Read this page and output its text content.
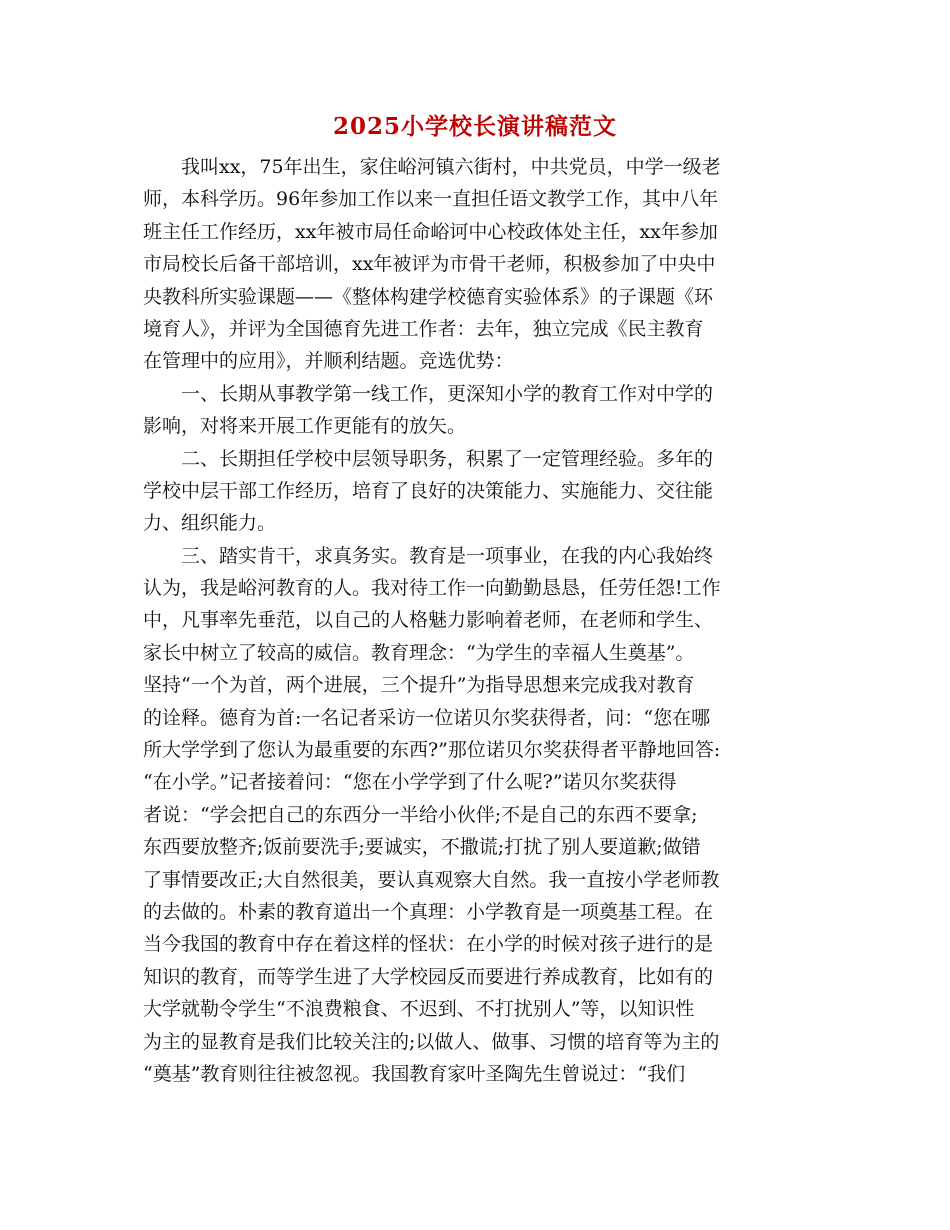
2025小学校长演讲稿范文
我叫xx，75年出生，家住峪河镇六街村，中共党员，中学一级老
师，本科学历。96年参加工作以来一直担任语文教学工作，其中八年
班主任工作经历，xx年被市局任命峪诃中心校政体处主任，xx年参加
市局校长后备干部培训，xx年被评为市骨干老师，积极参加了中央中
央教科所实验课题——《整体构建学校德育实验体系》的子课题《环
境育人》，并评为全国德育先进工作者：去年，独立完成《民主教育
在管理中的应用》，并顺利结题。竞选优势：
一、长期从事教学第一线工作，更深知小学的教育工作对中学的
影响，对将来开展工作更能有的放矢。
二、长期担任学校中层领导职务，积累了一定管理经验。多年的
学校中层干部工作经历，培育了良好的决策能力、实施能力、交往能
力、组织能力。
三、踏实肯干，求真务实。教育是一项事业，在我的内心我始终
认为，我是峪河教育的人。我对待工作一向勤勤恳恳，任劳任怨!工作
中，凡事率先垂范，以自己的人格魅力影响着老师，在老师和学生、
家长中树立了较高的威信。教育理念：“为学生的幸福人生奠基”。
坚持“一个为首，两个进展，三个提升”为指导思想来完成我对教育
的诠释。德育为首:一名记者采访一位诺贝尔奖获得者，问：“您在哪
所大学学到了您认为最重要的东西?”那位诺贝尔奖获得者平静地回答:
“在小学。”记者接着问：“您在小学学到了什么呢?”诺贝尔奖获得
者说：“学会把自己的东西分一半给小伙伴;不是自己的东西不要拿;
东西要放整齐;饭前要洗手;要诚实，不撒谎;打扰了别人要道歉;做错
了事情要改正;大自然很美，要认真观察大自然。我一直按小学老师教
的去做的。朴素的教育道出一个真理：小学教育是一项奠基工程。在
当今我国的教育中存在着这样的怪状：在小学的时候对孩子进行的是
知识的教育，而等学生进了大学校园反而要进行养成教育，比如有的
大学就勒令学生“不浪费粮食、不迟到、不打扰别人”等，以知识性
为主的显教育是我们比较关注的;以做人、做事、习惯的培育等为主的
“奠基”教育则往往被忽视。我国教育家叶圣陶先生曾说过：“我们
